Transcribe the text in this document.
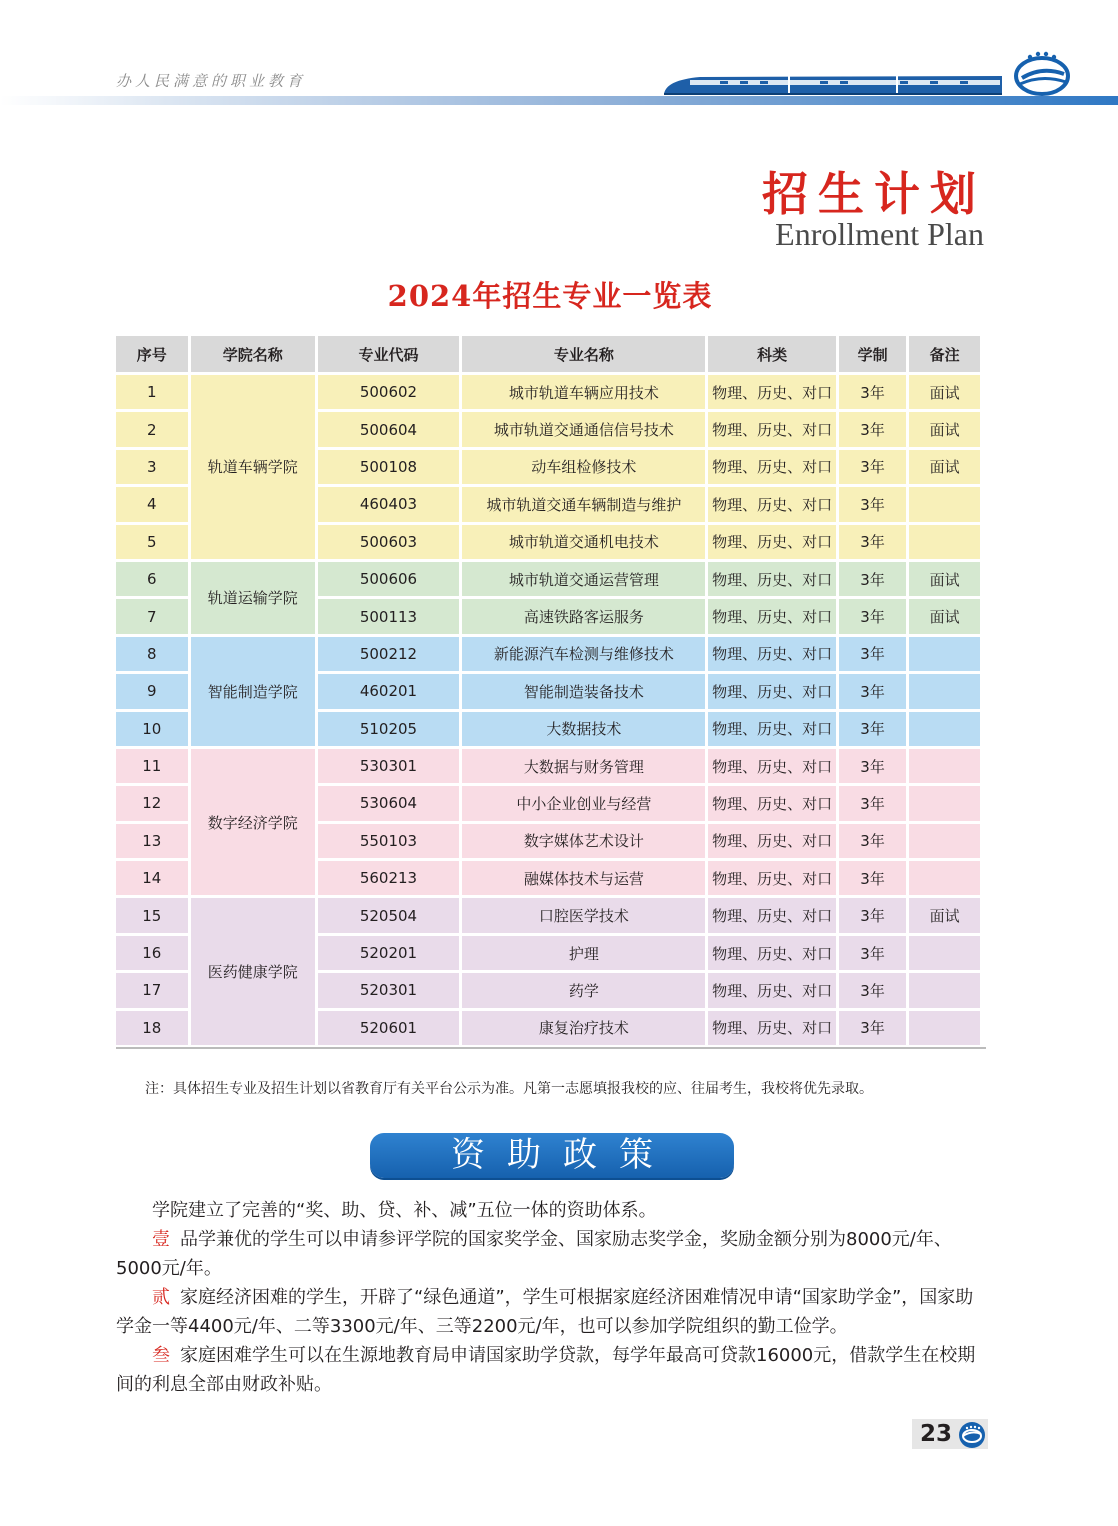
办人民满意的职业教育
招生计划
Enrollment Plan
2024年招生专业一览表
序号	学院名称	专业代码	专业名称	科类	学制	备注
1	轨道车辆学院	500602	城市轨道车辆应用技术	物理、历史、对口	3年	面试
2		500604	城市轨道交通通信信号技术	物理、历史、对口	3年	面试
3		500108	动车组检修技术	物理、历史、对口	3年	面试
4		460403	城市轨道交通车辆制造与维护	物理、历史、对口	3年	
5		500603	城市轨道交通机电技术	物理、历史、对口	3年	
6	轨道运输学院	500606	城市轨道交通运营管理	物理、历史、对口	3年	面试
7		500113	高速铁路客运服务	物理、历史、对口	3年	面试
8	智能制造学院	500212	新能源汽车检测与维修技术	物理、历史、对口	3年	
9		460201	智能制造装备技术	物理、历史、对口	3年	
10		510205	大数据技术	物理、历史、对口	3年	
11	数字经济学院	530301	大数据与财务管理	物理、历史、对口	3年	
12		530604	中小企业创业与经营	物理、历史、对口	3年	
13		550103	数字媒体艺术设计	物理、历史、对口	3年	
14		560213	融媒体技术与运营	物理、历史、对口	3年	
15	医药健康学院	520504	口腔医学技术	物理、历史、对口	3年	面试
16		520201	护理	物理、历史、对口	3年	
17		520301	药学	物理、历史、对口	3年	
18		520601	康复治疗技术	物理、历史、对口	3年	
注：具体招生专业及招生计划以省教育厅有关平台公示为准。凡第一志愿填报我校的应、往届考生，我校将优先录取。
资助政策

学院建立了完善的“奖、助、贷、补、减”五位一体的资助体系。

壹 品学兼优的学生可以申请参评学院的国家奖学金、国家励志奖学金，奖励金额分别为8000元/年、5000元/年。

贰 家庭经济困难的学生，开辟了“绿色通道”，学生可根据家庭经济困难情况申请“国家助学金”，国家助学金一等4400元/年、二等3300元/年、三等2200元/年，也可以参加学院组织的勤工俭学。

叁 家庭困难学生可以在生源地教育局申请国家助学贷款，每学年最高可贷款16000元，借款学生在校期间的利息全部由财政补贴。

23
